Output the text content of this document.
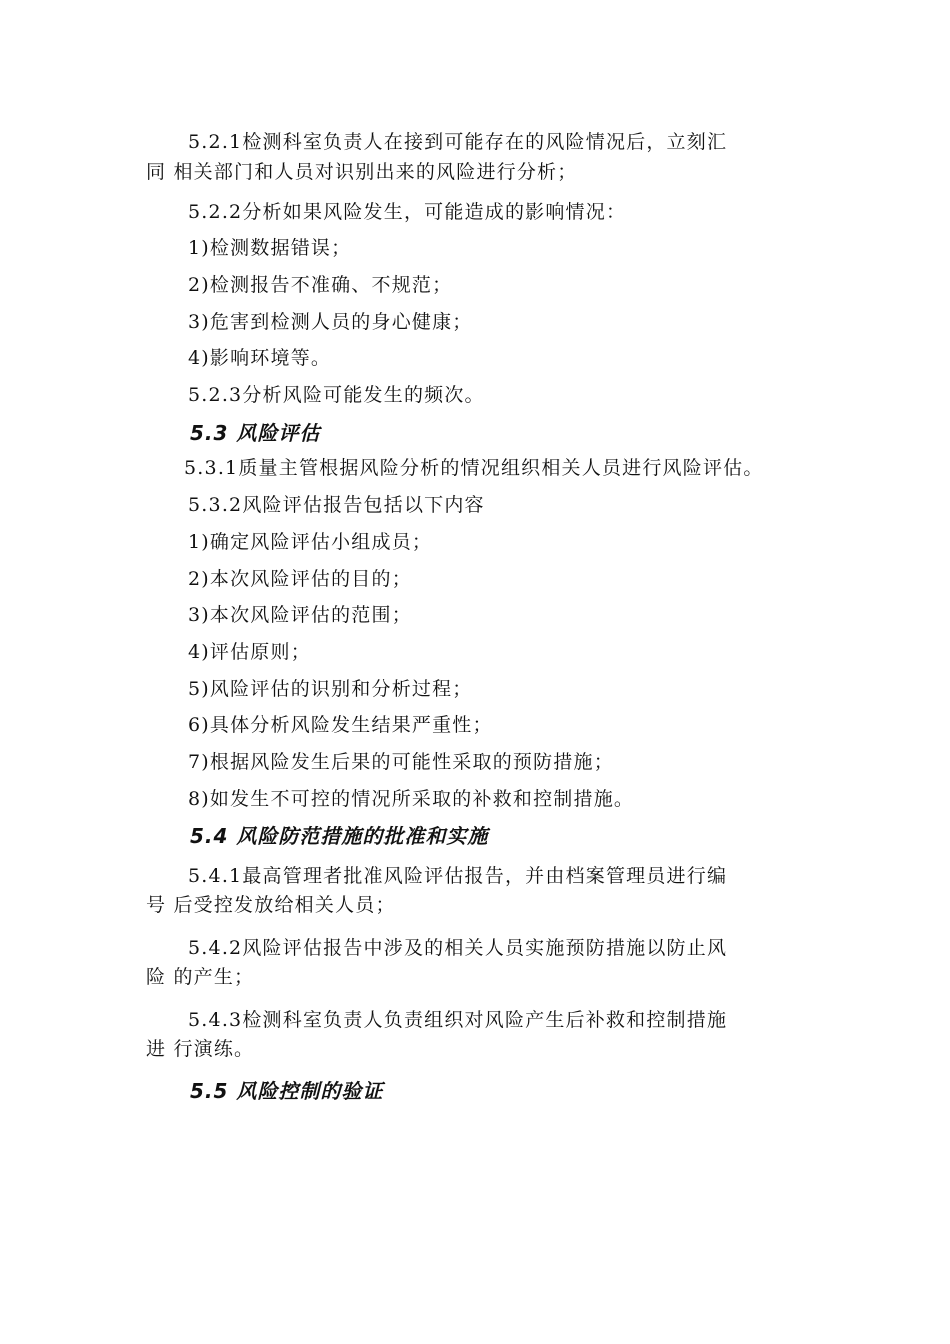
5.2.1检测科室负责人在接到可能存在的风险情况后，立刻汇
同 相关部门和人员对识别出来的风险进行分析；
5.2.2分析如果风险发生，可能造成的影响情况：
1)检测数据错误；
2)检测报告不准确、不规范；
3)危害到检测人员的身心健康；
4)影响环境等。
5.2.3分析风险可能发生的频次。
5.3 风险评估
5.3.1质量主管根据风险分析的情况组织相关人员进行风险评估。
5.3.2风险评估报告包括以下内容
1)确定风险评估小组成员；
2)本次风险评估的目的；
3)本次风险评估的范围；
4)评估原则；
5)风险评估的识别和分析过程；
6)具体分析风险发生结果严重性；
7)根据风险发生后果的可能性采取的预防措施；
8)如发生不可控的情况所采取的补救和控制措施。
5.4 风险防范措施的批准和实施
5.4.1最高管理者批准风险评估报告，并由档案管理员进行编
号 后受控发放给相关人员；
5.4.2风险评估报告中涉及的相关人员实施预防措施以防止风
险 的产生；
5.4.3检测科室负责人负责组织对风险产生后补救和控制措施
进 行演练。
5.5 风险控制的验证
